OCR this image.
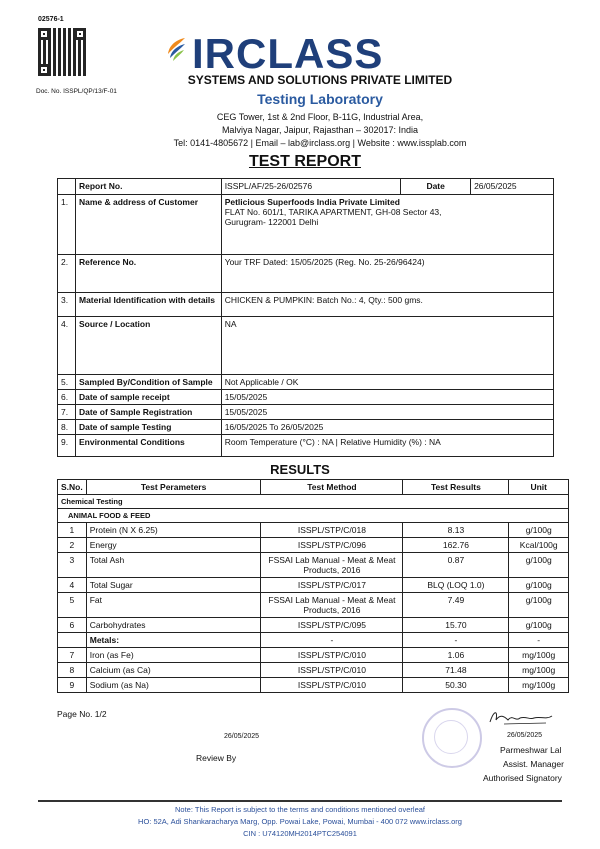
02576-1
Doc. No. ISSPL/QP/13/F-01
IRCLASS
SYSTEMS AND SOLUTIONS PRIVATE LIMITED
Testing Laboratory
CEG Tower, 1st & 2nd Floor, B-11G, Industrial Area,
Malviya Nagar, Jaipur, Rajasthan – 302017: India
Tel: 0141-4805672 | Email – lab@irclass.org | Website : www.issplab.com
TEST REPORT
	Report No.	ISSPL/AF/25-26/02576	Date	26/05/2025
1.	Name & address of Customer	Petlicious Superfoods India Private Limited
FLAT No. 601/1, TARIKA APARTMENT, GH-08 Sector 43,
Gurugram- 122001 Delhi		

2.	Reference No.	Your TRF Dated: 15/05/2025 (Reg. No. 25-26/96424)		
3.	Material Identification with details	CHICKEN & PUMPKIN: Batch No.: 4, Qty.: 500 gms.		
4.	Source / Location	NA		
5.	Sampled By/Condition of Sample	Not Applicable / OK		
6.	Date of sample receipt	15/05/2025		
7.	Date of Sample Registration	15/05/2025		
8.	Date of sample Testing	16/05/2025 To 26/05/2025		
9.	Environmental Conditions	Room Temperature (°C) : NA | Relative Humidity (%) : NA		
RESULTS
S.No.	Test Perameters	Test Method	Test Results	Unit
Chemical Testing				
ANIMAL FOOD & FEED				
1	Protein (N X 6.25)	ISSPL/STP/C/018	8.13	g/100g
2	Energy	ISSPL/STP/C/096	162.76	Kcal/100g
3	Total Ash	FSSAI Lab Manual - Meat & Meat
Products, 2016	0.87	g/100g
4	Total Sugar	ISSPL/STP/C/017	BLQ (LOQ 1.0)	g/100g
5	Fat	FSSAI Lab Manual - Meat & Meat
Products, 2016	7.49	g/100g
6	Carbohydrates	ISSPL/STP/C/095	15.70	g/100g
	Metals:	-	-	-
7	Iron (as Fe)	ISSPL/STP/C/010	1.06	mg/100g
8	Calcium (as Ca)	ISSPL/STP/C/010	71.48	mg/100g
9	Sodium (as Na)	ISSPL/STP/C/010	50.30	mg/100g
Page No. 1/2
26/05/2025
Review By
26/05/2025
Parmeshwar Lal
Assist. Manager
Authorised Signatory
Note: This Report is subject to the terms and conditions mentioned overleaf
HO: 52A, Adi Shankaracharya Marg, Opp. Powai Lake, Powai, Mumbai - 400 072 www.irclass.org
CIN : U74120MH2014PTC254091
